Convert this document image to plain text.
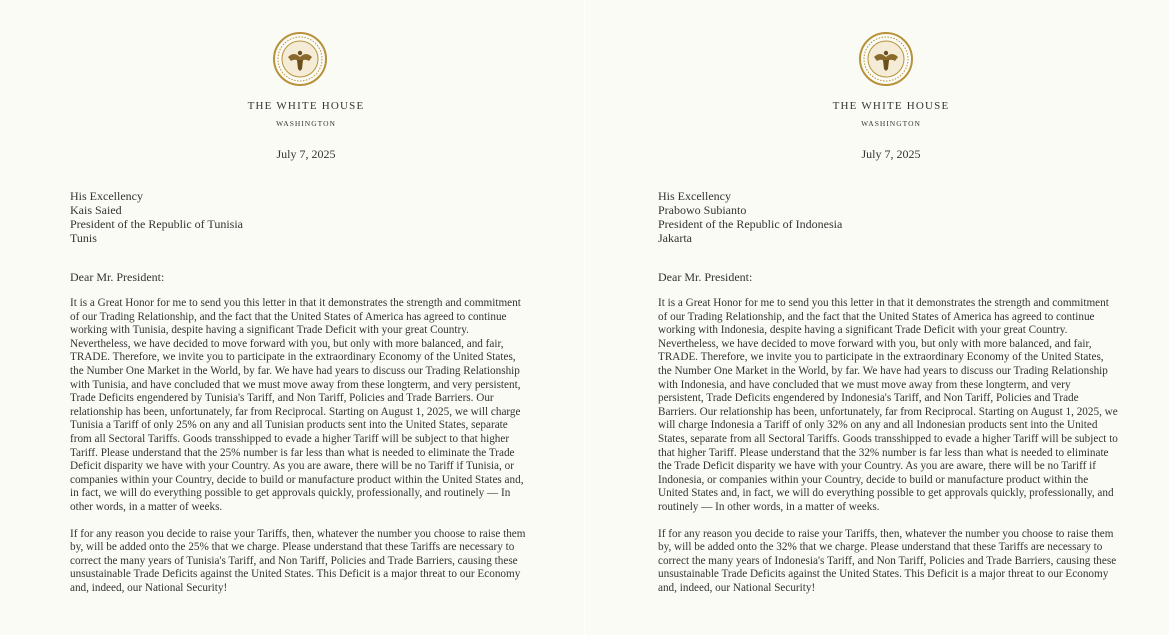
THE WHITE HOUSE
WASHINGTON
July 7, 2025
His Excellency
Kais Saied
President of the Republic of Tunisia
Tunis
Dear Mr. President:

It is a Great Honor for me to send you this letter in that it demonstrates the strength and commitment of our Trading Relationship, and the fact that the United States of America has agreed to continue working with Tunisia, despite having a significant Trade Deficit with your great Country. Nevertheless, we have decided to move forward with you, but only with more balanced, and fair, TRADE. Therefore, we invite you to participate in the extraordinary Economy of the United States, the Number One Market in the World, by far. We have had years to discuss our Trading Relationship with Tunisia, and have concluded that we must move away from these longterm, and very persistent, Trade Deficits engendered by Tunisia's Tariff, and Non Tariff, Policies and Trade Barriers. Our relationship has been, unfortunately, far from Reciprocal. Starting on August 1, 2025, we will charge Tunisia a Tariff of only 25% on any and all Tunisian products sent into the United States, separate from all Sectoral Tariffs. Goods transshipped to evade a higher Tariff will be subject to that higher Tariff. Please understand that the 25% number is far less than what is needed to eliminate the Trade Deficit disparity we have with your Country. As you are aware, there will be no Tariff if Tunisia, or companies within your Country, decide to build or manufacture product within the United States and, in fact, we will do everything possible to get approvals quickly, professionally, and routinely — In other words, in a matter of weeks.

If for any reason you decide to raise your Tariffs, then, whatever the number you choose to raise them by, will be added onto the 25% that we charge. Please understand that these Tariffs are necessary to correct the many years of Tunisia's Tariff, and Non Tariff, Policies and Trade Barriers, causing these unsustainable Trade Deficits against the United States. This Deficit is a major threat to our Economy and, indeed, our National Security!

THE WHITE HOUSE
WASHINGTON
July 7, 2025
His Excellency
Prabowo Subianto
President of the Republic of Indonesia
Jakarta
Dear Mr. President:

It is a Great Honor for me to send you this letter in that it demonstrates the strength and commitment of our Trading Relationship, and the fact that the United States of America has agreed to continue working with Indonesia, despite having a significant Trade Deficit with your great Country. Nevertheless, we have decided to move forward with you, but only with more balanced, and fair, TRADE. Therefore, we invite you to participate in the extraordinary Economy of the United States, the Number One Market in the World, by far. We have had years to discuss our Trading Relationship with Indonesia, and have concluded that we must move away from these longterm, and very persistent, Trade Deficits engendered by Indonesia's Tariff, and Non Tariff, Policies and Trade Barriers. Our relationship has been, unfortunately, far from Reciprocal. Starting on August 1, 2025, we will charge Indonesia a Tariff of only 32% on any and all Indonesian products sent into the United States, separate from all Sectoral Tariffs. Goods transshipped to evade a higher Tariff will be subject to that higher Tariff. Please understand that the 32% number is far less than what is needed to eliminate the Trade Deficit disparity we have with your Country. As you are aware, there will be no Tariff if Indonesia, or companies within your Country, decide to build or manufacture product within the United States and, in fact, we will do everything possible to get approvals quickly, professionally, and routinely — In other words, in a matter of weeks.

If for any reason you decide to raise your Tariffs, then, whatever the number you choose to raise them by, will be added onto the 32% that we charge. Please understand that these Tariffs are necessary to correct the many years of Indonesia's Tariff, and Non Tariff, Policies and Trade Barriers, causing these unsustainable Trade Deficits against the United States. This Deficit is a major threat to our Economy and, indeed, our National Security!
